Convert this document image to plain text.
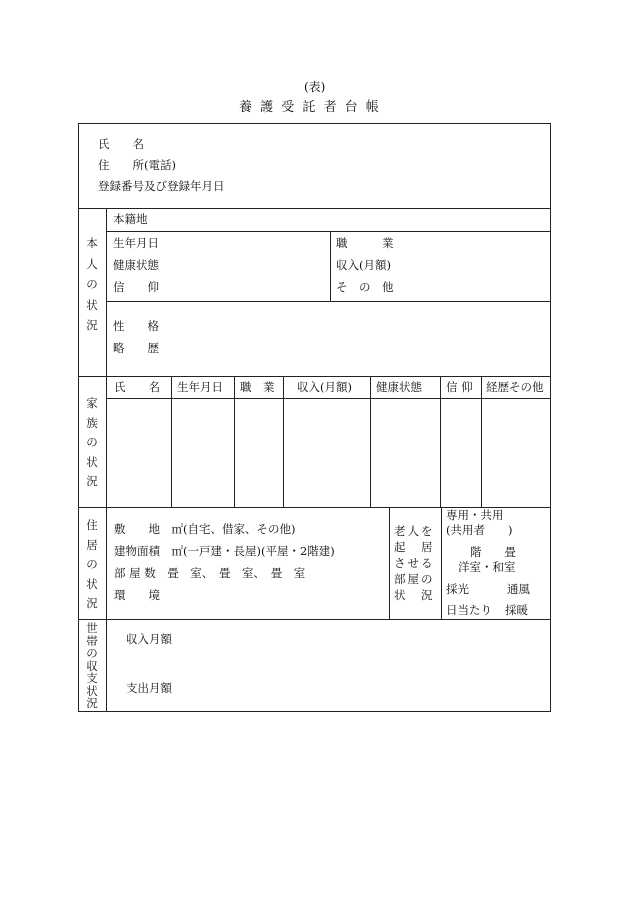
(表)
養 護 受 託 者 台 帳
氏　　名
住　　所(電話)
登録番号及び登録年月日
本
人
の
状
況
本籍地
生年月日
健康状態
信　　仰
職　　　業
収入(月額)
そ　の　他
性　　格
略　　歴
家
族
の
状
況
氏　　名 生年月日 職　業 収入(月額) 健康状態 信 仰 経歴その他
住
居
の
状
況
敷　　地　㎡(自宅、借家、その他)
建物面積　㎡(一戸建・長屋)(平屋・2階建)
部 屋 数　畳　室、　畳　室、　畳　室
環　　境
老人を
起　居
させる
部屋の
状　況
専用・共用
(共用者　　)
階　　畳
洋室・和室
採光	通風
日当たり 採暖
世
帯
の
収
支
状
況
収入月額
支出月額
